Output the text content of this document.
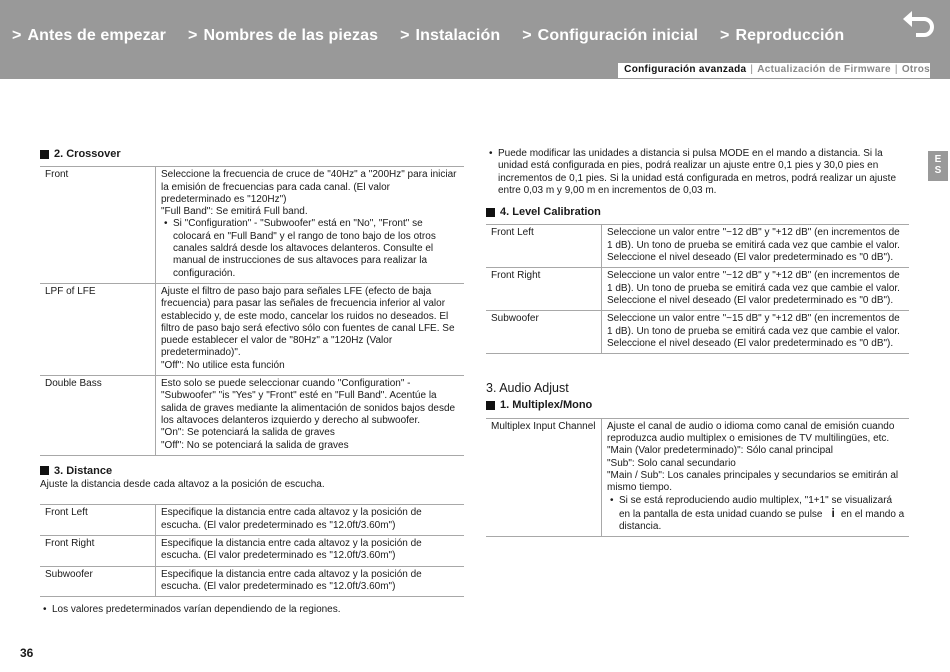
> Antes de empezar > Nombres de las piezas > Instalación > Configuración inicial > Reproducción
Configuración avanzada | Actualización de Firmware | Otros
E
S
2. Crossover
Front	Seleccione la frecuencia de cruce de "40Hz" a "200Hz" para iniciar la emisión de frecuencias para cada canal. (El valor predeterminado es "120Hz")
"Full Band": Se emitirá Full band.
• Si "Configuration" - "Subwoofer" está en "No", "Front" se colocará en "Full Band" y el rango de tono bajo de los otros canales saldrá desde los altavoces delanteros. Consulte el manual de instrucciones de sus altavoces para realizar la configuración.

LPF of LFE	Ajuste el filtro de paso bajo para señales LFE (efecto de baja frecuencia) para pasar las señales de frecuencia inferior al valor establecido y, de este modo, cancelar los ruidos no deseados. El filtro de paso bajo será efectivo sólo con fuentes de canal LFE. Se puede establecer el valor de "80Hz" a "120Hz (Valor predeterminado)".
"Off": No utilice esta función

Double Bass	Esto solo se puede seleccionar cuando "Configuration" - "Subwoofer" "is "Yes" y "Front" esté en "Full Band". Acentúe la salida de graves mediante la alimentación de sonidos bajos desde los altavoces delanteros izquierdo y derecho al subwoofer.
"On": Se potenciará la salida de graves
"Off": No se potenciará la salida de graves
3. Distance
Ajuste la distancia desde cada altavoz a la posición de escucha.
Front Left	Especifique la distancia entre cada altavoz y la posición de escucha. (El valor predeterminado es "12.0ft/3.60m")
Front Right	Especifique la distancia entre cada altavoz y la posición de escucha. (El valor predeterminado es "12.0ft/3.60m")
Subwoofer	Especifique la distancia entre cada altavoz y la posición de escucha. (El valor predeterminado es "12.0ft/3.60m")
• Los valores predeterminados varían dependiendo de la regiones.
• Puede modificar las unidades a distancia si pulsa MODE en el mando a distancia. Si la unidad está configurada en pies, podrá realizar un ajuste entre 0,1 pies y 30,0 pies en incrementos de 0,1 pies. Si la unidad está configurada en metros, podrá realizar un ajuste entre 0,03 m y 9,00 m en incrementos de 0,03 m.
4. Level Calibration
Front Left	Seleccione un valor entre "−12 dB" y "+12 dB" (en incrementos de 1 dB). Un tono de prueba se emitirá cada vez que cambie el valor. Seleccione el nivel deseado (El valor predeterminado es "0 dB").
Front Right	Seleccione un valor entre "−12 dB" y "+12 dB" (en incrementos de 1 dB). Un tono de prueba se emitirá cada vez que cambie el valor. Seleccione el nivel deseado (El valor predeterminado es "0 dB").
Subwoofer	Seleccione un valor entre "−15 dB" y "+12 dB" (en incrementos de 1 dB). Un tono de prueba se emitirá cada vez que cambie el valor. Seleccione el nivel deseado (El valor predeterminado es "0 dB").
3. Audio Adjust
1. Multiplex/Mono
Multiplex Input Channel	Ajuste el canal de audio o idioma como canal de emisión cuando reproduzca audio multiplex o emisiones de TV multilingües, etc.
"Main (Valor predeterminado)": Sólo canal principal
"Sub": Solo canal secundario
"Main / Sub": Los canales principales y secundarios se emitirán al mismo tiempo.
• Si se está reproduciendo audio multiplex, "1+1" se visualizará en la pantalla de esta unidad cuando se pulse i en el mando a distancia.
36
